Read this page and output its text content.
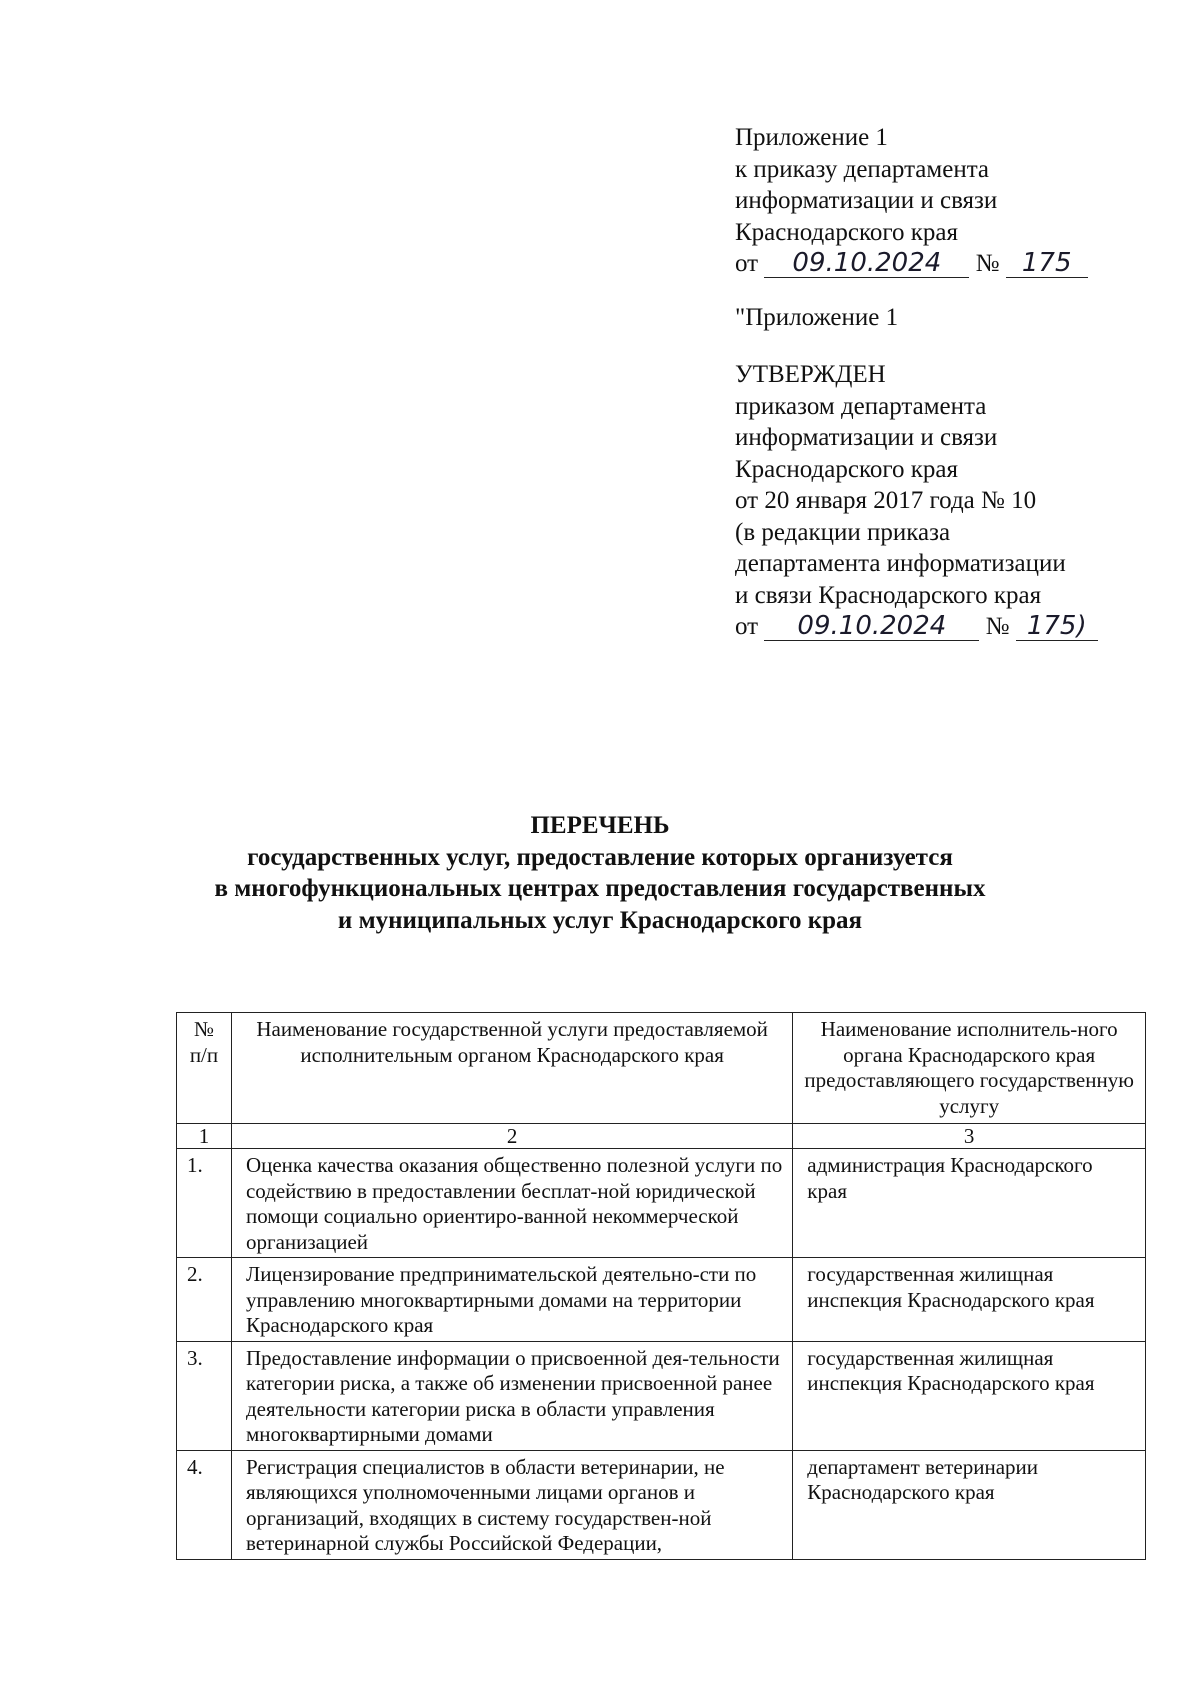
Приложение 1
к приказу департамента
информатизации и связи
Краснодарского края
от 09.10.2024 № 175
"Приложение 1
УТВЕРЖДЕН
приказом департамента
информатизации и связи
Краснодарского края
от 20 января 2017 года № 10
(в редакции приказа
департамента информатизации
и связи Краснодарского края
от 09.10.2024 № 175)
ПЕРЕЧЕНЬ
государственных услуг, предоставление которых организуется
в многофункциональных центрах предоставления государственных
и муниципальных услуг Краснодарского края
№
п/п	Наименование государственной услуги предоставляемой исполнительным органом Краснодарского края	Наименование исполнитель-ного органа Краснодарского края предоставляющего государственную услугу
1	2	3
1.	Оценка качества оказания общественно полезной услуги по содействию в предоставлении бесплат-ной юридической помощи социально ориентиро-ванной некоммерческой организацией	администрация Краснодарского края
2.	Лицензирование предпринимательской деятельно-сти по управлению многоквартирными домами на территории Краснодарского края	государственная жилищная инспекция Краснодарского края
3.	Предоставление информации о присвоенной дея-тельности категории риска, а также об изменении присвоенной ранее деятельности категории риска в области управления многоквартирными домами	государственная жилищная инспекция Краснодарского края
4.	Регистрация специалистов в области ветеринарии, не являющихся уполномоченными лицами органов и организаций, входящих в систему государствен-ной ветеринарной службы Российской Федерации,	департамент ветеринарии Краснодарского края
